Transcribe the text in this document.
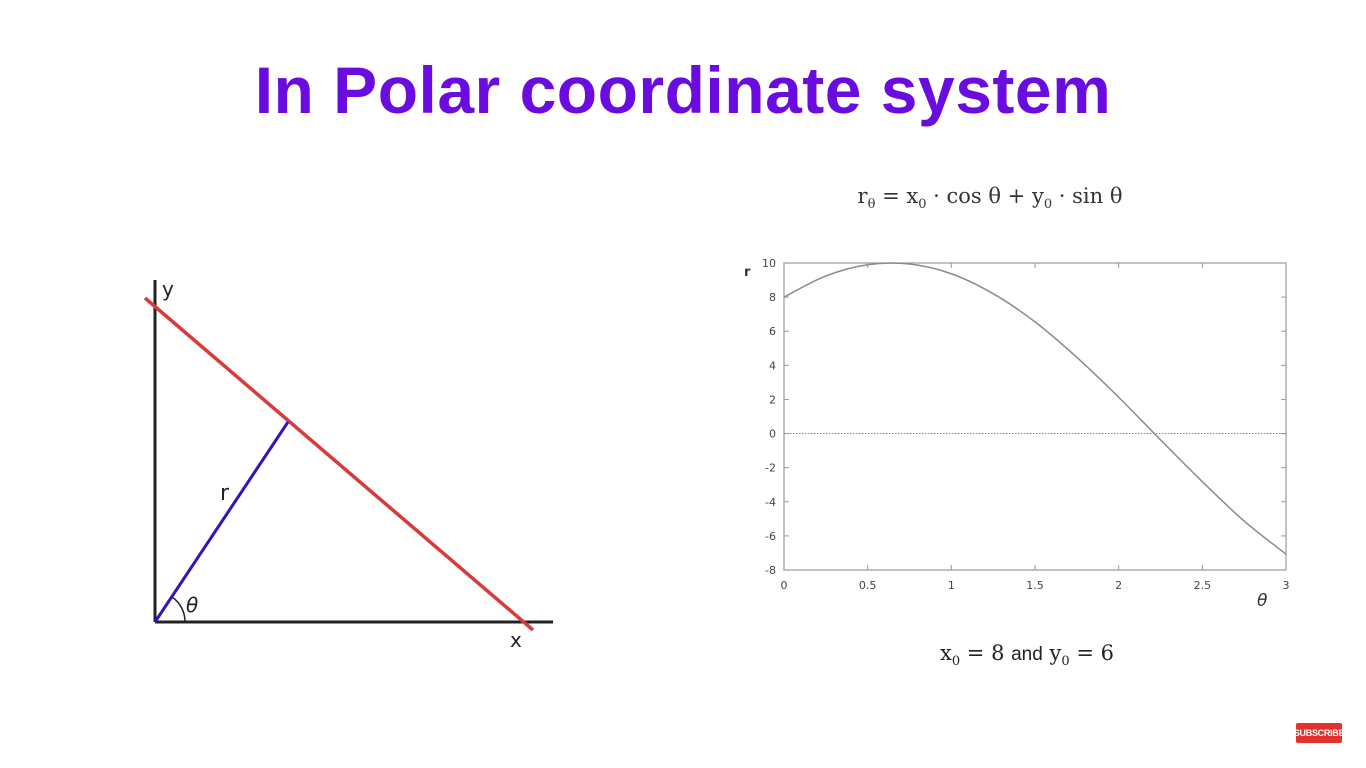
In Polar coordinate system
$r_\theta = x_0 \cdot \cos \theta + y_0 \cdot \sin \theta$
y
x
r
θ
0	0.5	1	1.5	2	2.5	3
-8
-6
-4
-2
0
2
4
6
8
10
r
θ
$x_0 = 8$ and $y_0 = 6$
SUBSCRIBE
